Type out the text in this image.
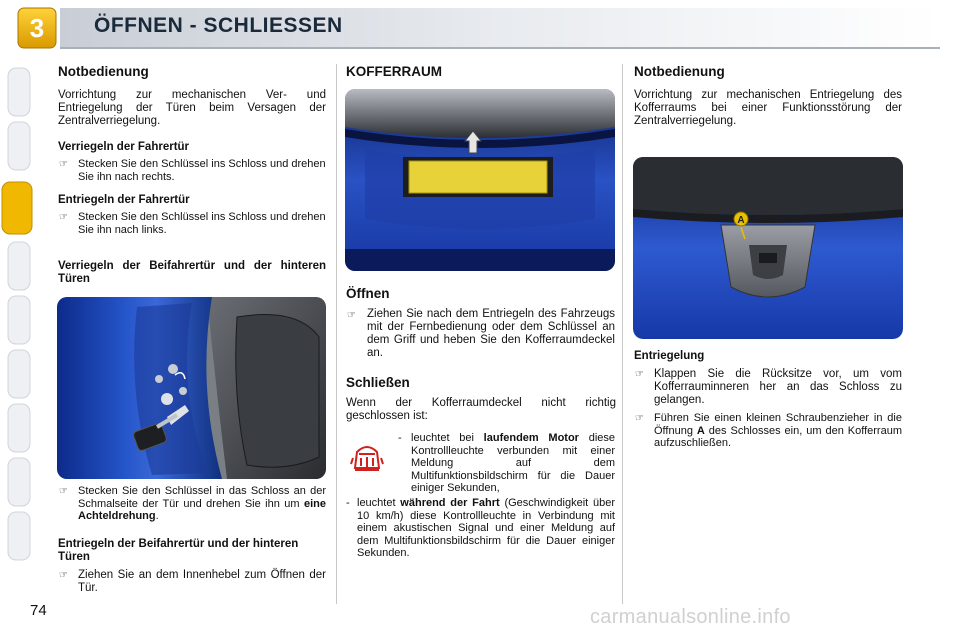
3	ÖFFNEN - SCHLIESSEN
Notbedienung
Vorrichtung zur mechanischen Ver- und Entriegelung der Türen beim Versagen der Zentralverriegelung.
Verriegeln der Fahrertür
☞ Stecken Sie den Schlüssel ins Schloss und drehen Sie ihn nach rechts.
Entriegeln der Fahrertür
☞ Stecken Sie den Schlüssel ins Schloss und drehen Sie ihn nach links.
Verriegeln der Beifahrertür und der hinteren Türen
☞ Stecken Sie den Schlüssel in das Schloss an der Schmalseite der Tür und drehen Sie ihn um eine Achteldrehung.
Entriegeln der Beifahrertür und der hinteren Türen
☞ Ziehen Sie an dem Innenhebel zum Öffnen der Tür.
KOFFERRAUM
Öffnen
☞ Ziehen Sie nach dem Entriegeln des Fahrzeugs mit der Fernbedienung oder dem Schlüssel an dem Griff und heben Sie den Kofferraumdeckel an.
Schließen
Wenn der Kofferraumdeckel nicht richtig geschlossen ist:
- leuchtet bei laufendem Motor diese Kontrollleuchte verbunden mit einer Meldung auf dem Multifunktionsbildschirm für die Dauer einiger Sekunden,
- leuchtet während der Fahrt (Geschwindigkeit über 10 km/h) diese Kontrollleuchte in Verbindung mit einem akustischen Signal und einer Meldung auf dem Multifunktionsbildschirm für die Dauer einiger Sekunden.
Notbedienung
Vorrichtung zur mechanischen Entriegelung des Kofferraums bei einer Funktionsstörung der Zentralverriegelung.
A
Entriegelung
☞ Klappen Sie die Rücksitze vor, um vom Kofferrauminneren her an das Schloss zu gelangen.
☞ Führen Sie einen kleinen Schraubenzieher in die Öffnung A des Schlosses ein, um den Kofferraum aufzuschließen.
74	carmanualsonline.info
